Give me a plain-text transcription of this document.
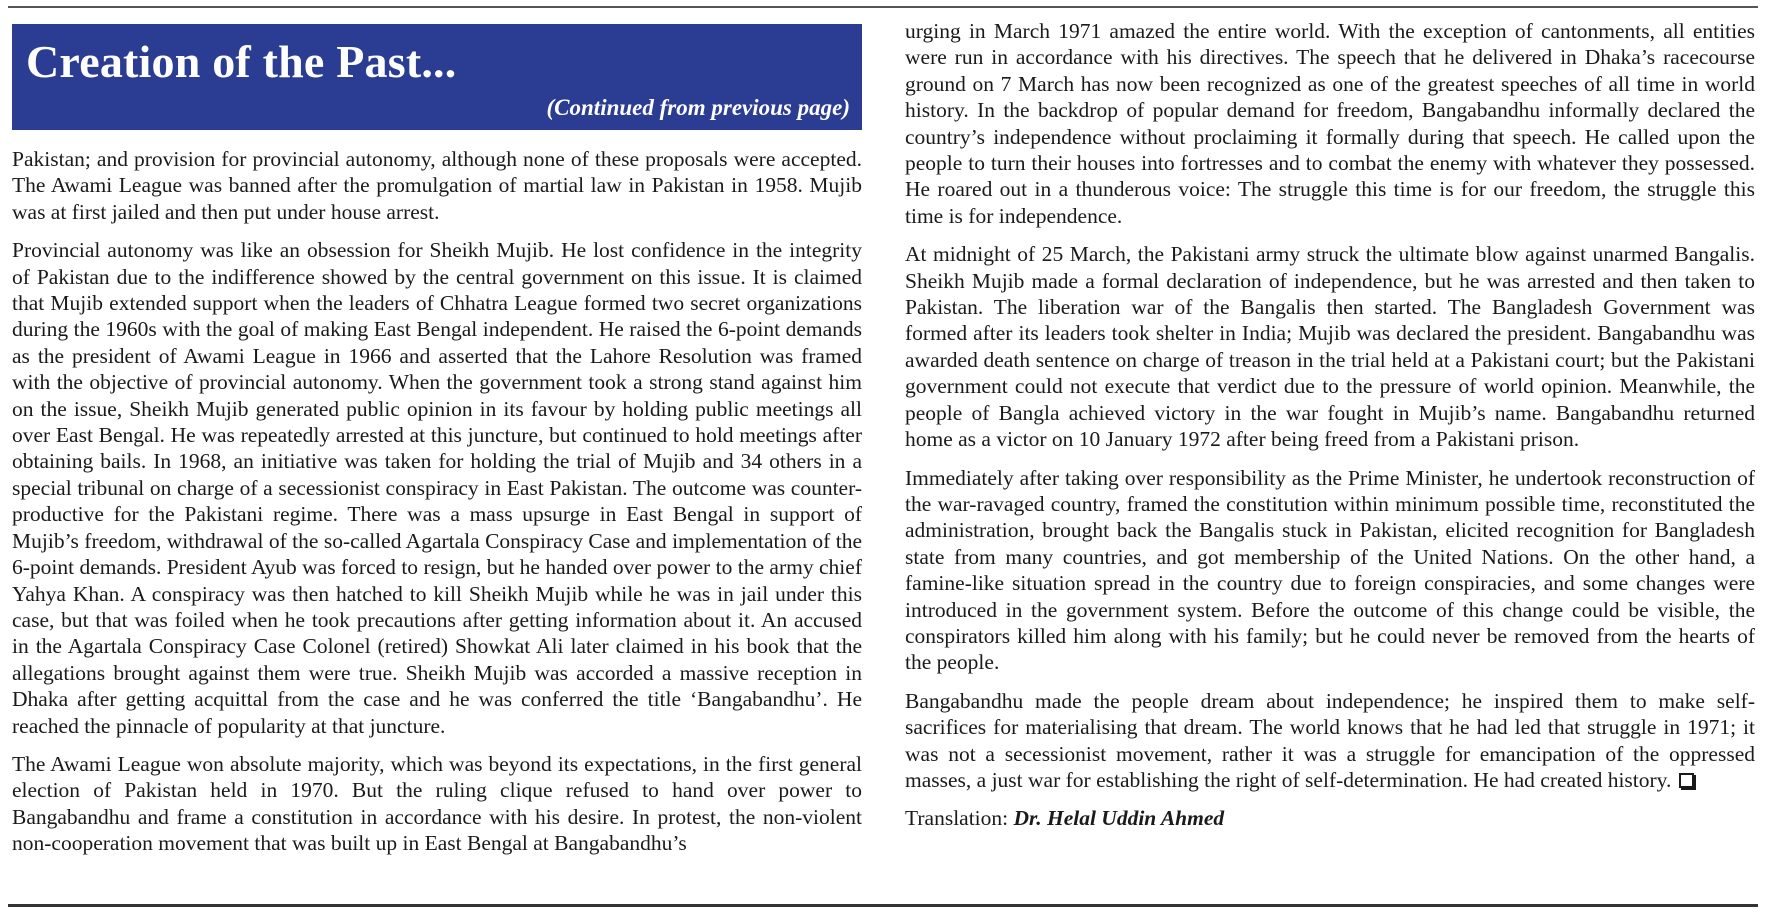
Creation of the Past...
(Continued from previous page)

Pakistan; and provision for provincial autonomy, although none of these proposals were accepted. The Awami League was banned after the promulgation of martial law in Pakistan in 1958. Mujib was at first jailed and then put under house arrest.

Provincial autonomy was like an obsession for Sheikh Mujib. He lost confidence in the integrity of Pakistan due to the indifference showed by the central government on this issue. It is claimed that Mujib extended support when the leaders of Chhatra League formed two secret organizations during the 1960s with the goal of making East Bengal independent. He raised the 6-point demands as the president of Awami League in 1966 and asserted that the Lahore Resolution was framed with the objective of provincial autonomy. When the government took a strong stand against him on the issue, Sheikh Mujib generated public opinion in its favour by holding public meetings all over East Bengal. He was repeatedly arrested at this juncture, but continued to hold meetings after obtaining bails. In 1968, an initiative was taken for holding the trial of Mujib and 34 others in a special tribunal on charge of a secessionist conspiracy in East Pakistan. The outcome was counter-productive for the Pakistani regime. There was a mass upsurge in East Bengal in support of Mujib’s freedom, withdrawal of the so-called Agartala Conspiracy Case and implementation of the 6-point demands. President Ayub was forced to resign, but he handed over power to the army chief Yahya Khan. A conspiracy was then hatched to kill Sheikh Mujib while he was in jail under this case, but that was foiled when he took precautions after getting information about it. An accused in the Agartala Conspiracy Case Colonel (retired) Showkat Ali later claimed in his book that the allegations brought against them were true. Sheikh Mujib was accorded a massive reception in Dhaka after getting acquittal from the case and he was conferred the title ‘Bangabandhu’. He reached the pinnacle of popularity at that juncture.

The Awami League won absolute majority, which was beyond its expectations, in the first general election of Pakistan held in 1970. But the ruling clique refused to hand over power to Bangabandhu and frame a constitution in accordance with his desire. In protest, the non-violent non-cooperation movement that was built up in East Bengal at Bangabandhu’s

urging in March 1971 amazed the entire world. With the exception of cantonments, all entities were run in accordance with his directives. The speech that he delivered in Dhaka’s racecourse ground on 7 March has now been recognized as one of the greatest speeches of all time in world history. In the backdrop of popular demand for freedom, Bangabandhu informally declared the country’s independence without proclaiming it formally during that speech. He called upon the people to turn their houses into fortresses and to combat the enemy with whatever they possessed. He roared out in a thunderous voice: The struggle this time is for our freedom, the struggle this time is for independence.

At midnight of 25 March, the Pakistani army struck the ultimate blow against unarmed Bangalis. Sheikh Mujib made a formal declaration of independence, but he was arrested and then taken to Pakistan. The liberation war of the Bangalis then started. The Bangladesh Government was formed after its leaders took shelter in India; Mujib was declared the president. Bangabandhu was awarded death sentence on charge of treason in the trial held at a Pakistani court; but the Pakistani government could not execute that verdict due to the pressure of world opinion. Meanwhile, the people of Bangla achieved victory in the war fought in Mujib’s name. Bangabandhu returned home as a victor on 10 January 1972 after being freed from a Pakistani prison.

Immediately after taking over responsibility as the Prime Minister, he undertook reconstruction of the war-ravaged country, framed the constitution within minimum possible time, reconstituted the administration, brought back the Bangalis stuck in Pakistan, elicited recognition for Bangladesh state from many countries, and got membership of the United Nations. On the other hand, a famine-like situation spread in the country due to foreign conspiracies, and some changes were introduced in the government system. Before the outcome of this change could be visible, the conspirators killed him along with his family; but he could never be removed from the hearts of the people.

Bangabandhu made the people dream about independence; he inspired them to make self-sacrifices for materialising that dream. The world knows that he had led that struggle in 1971; it was not a secessionist movement, rather it was a struggle for emancipation of the oppressed masses, a just war for establishing the right of self-determination. He had created history.

Translation: Dr. Helal Uddin Ahmed
